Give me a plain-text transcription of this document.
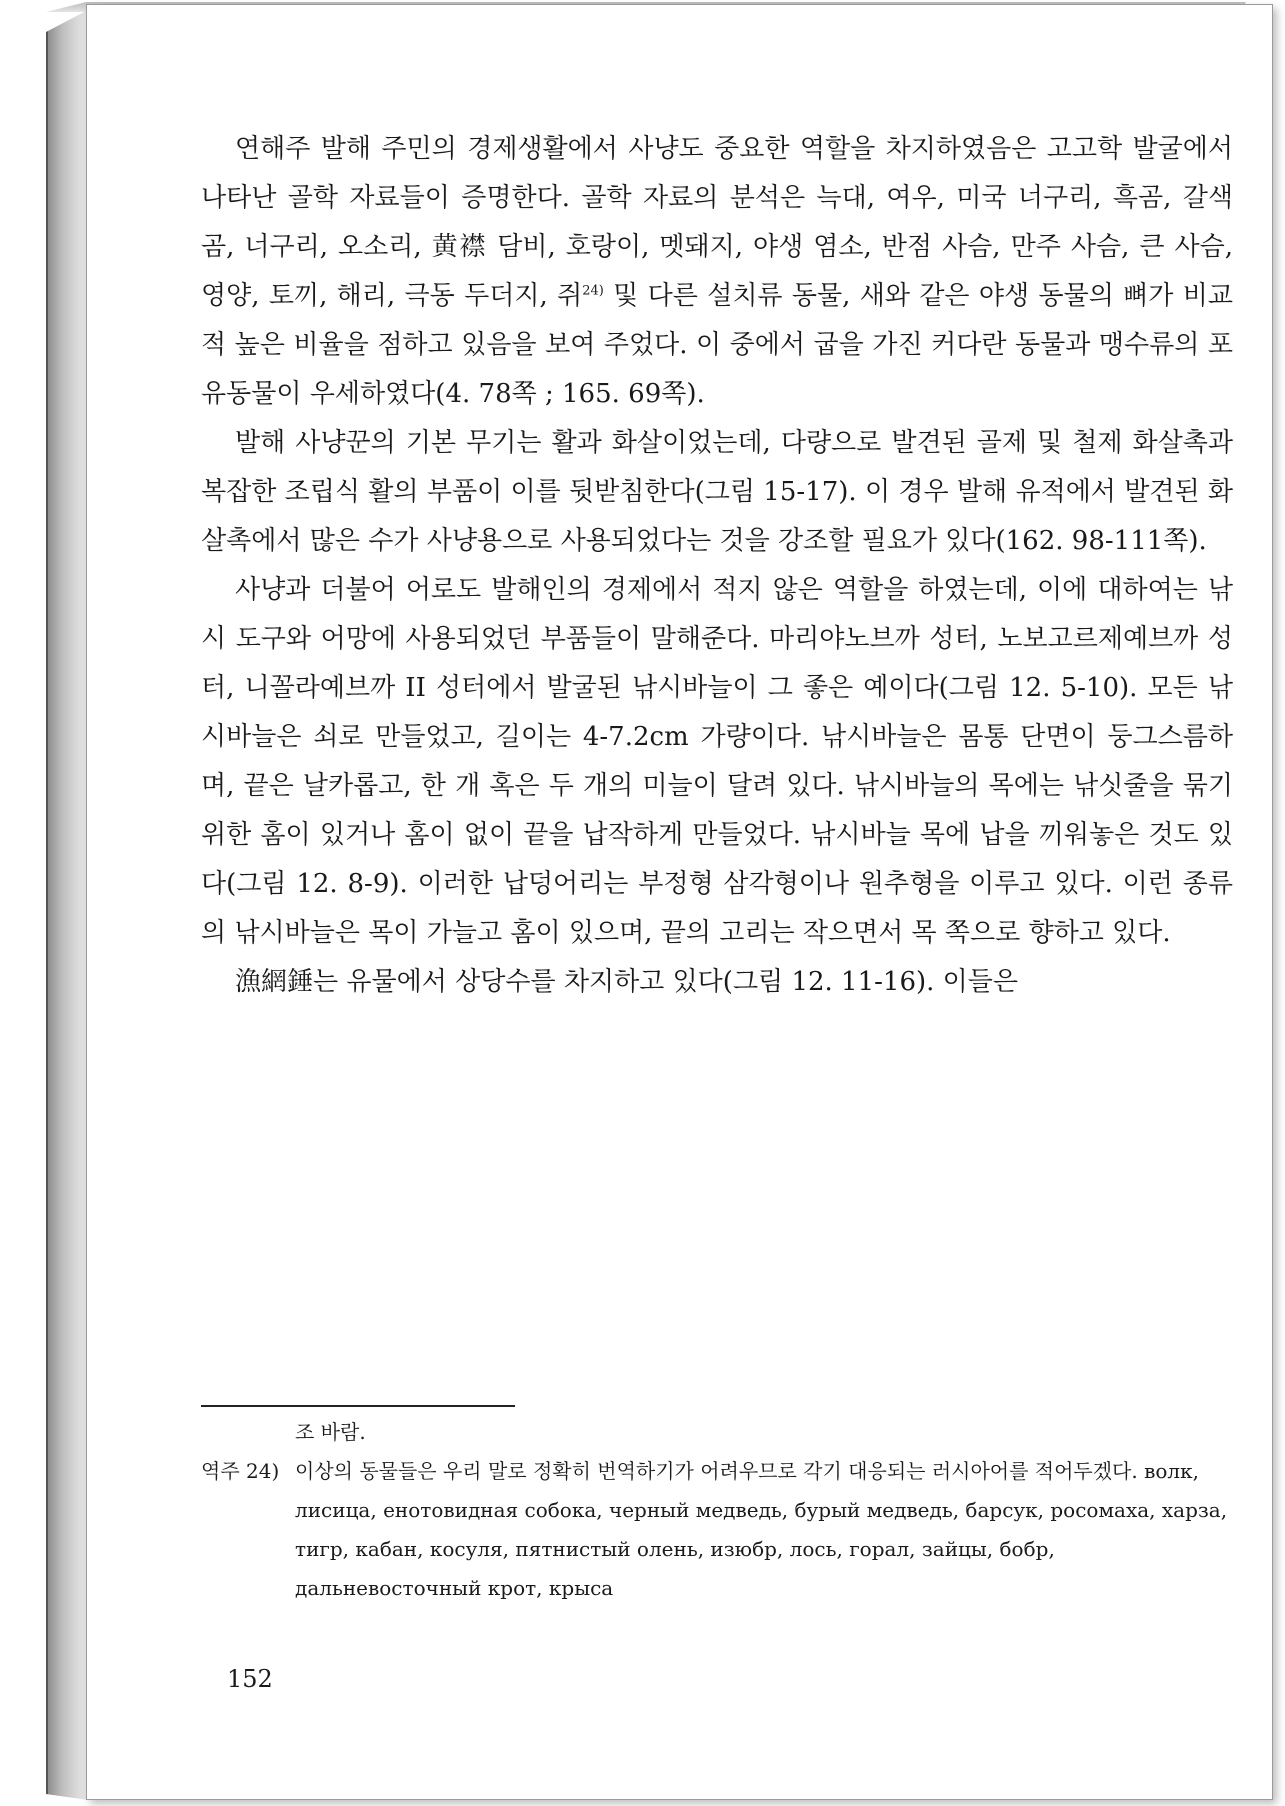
연해주 발해 주민의 경제생활에서 사냥도 중요한 역할을 차지하였음은 고고학 발굴에서 나타난 골학 자료들이 증명한다. 골학 자료의 분석은 늑대, 여우, 미국 너구리, 흑곰, 갈색 곰, 너구리, 오소리, 黄襟 담비, 호랑이, 멧돼지, 야생 염소, 반점 사슴, 만주 사슴, 큰 사슴, 영양, 토끼, 해리, 극동 두더지, 쥐$^{24)}$ 및 다른 설치류 동물, 새와 같은 야생 동물의 뼈가 비교적 높은 비율을 점하고 있음을 보여 주었다. 이 중에서 굽을 가진 커다란 동물과 맹수류의 포유동물이 우세하였다(4. 78쪽 ; 165. 69쪽).

발해 사냥꾼의 기본 무기는 활과 화살이었는데, 다량으로 발견된 골제 및 철제 화살촉과 복잡한 조립식 활의 부품이 이를 뒷받침한다(그림 15-17). 이 경우 발해 유적에서 발견된 화살촉에서 많은 수가 사냥용으로 사용되었다는 것을 강조할 필요가 있다(162. 98-111쪽).

사냥과 더불어 어로도 발해인의 경제에서 적지 않은 역할을 하였는데, 이에 대하여는 낚시 도구와 어망에 사용되었던 부품들이 말해준다. 마리야노브까 성터, 노보고르제예브까 성터, 니꼴라예브까 II 성터에서 발굴된 낚시바늘이 그 좋은 예이다(그림 12. 5-10). 모든 낚시바늘은 쇠로 만들었고, 길이는 4-7.2cm 가량이다. 낚시바늘은 몸통 단면이 둥그스름하며, 끝은 날카롭고, 한 개 혹은 두 개의 미늘이 달려 있다. 낚시바늘의 목에는 낚싯줄을 묶기 위한 홈이 있거나 홈이 없이 끝을 납작하게 만들었다. 낚시바늘 목에 납을 끼워놓은 것도 있다(그림 12. 8-9). 이러한 납덩어리는 부정형 삼각형이나 원추형을 이루고 있다. 이런 종류의 낚시바늘은 목이 가늘고 홈이 있으며, 끝의 고리는 작으면서 목 쪽으로 향하고 있다.

漁網錘는 유물에서 상당수를 차지하고 있다(그림 12. 11-16). 이들은

조 바람.

역주 24) 이상의 동물들은 우리 말로 정확히 번역하기가 어려우므로 각기 대응되는 러시아어를 적어두겠다. волк, лисица, енотовидная собока, черный медведь, бурый медведь, барсук, росомаха, харза, тигр, кабан, косуля, пятнистый олень, изюбр, лось, горал, зайцы, бобр, дальневосточный крот, крыса
152
